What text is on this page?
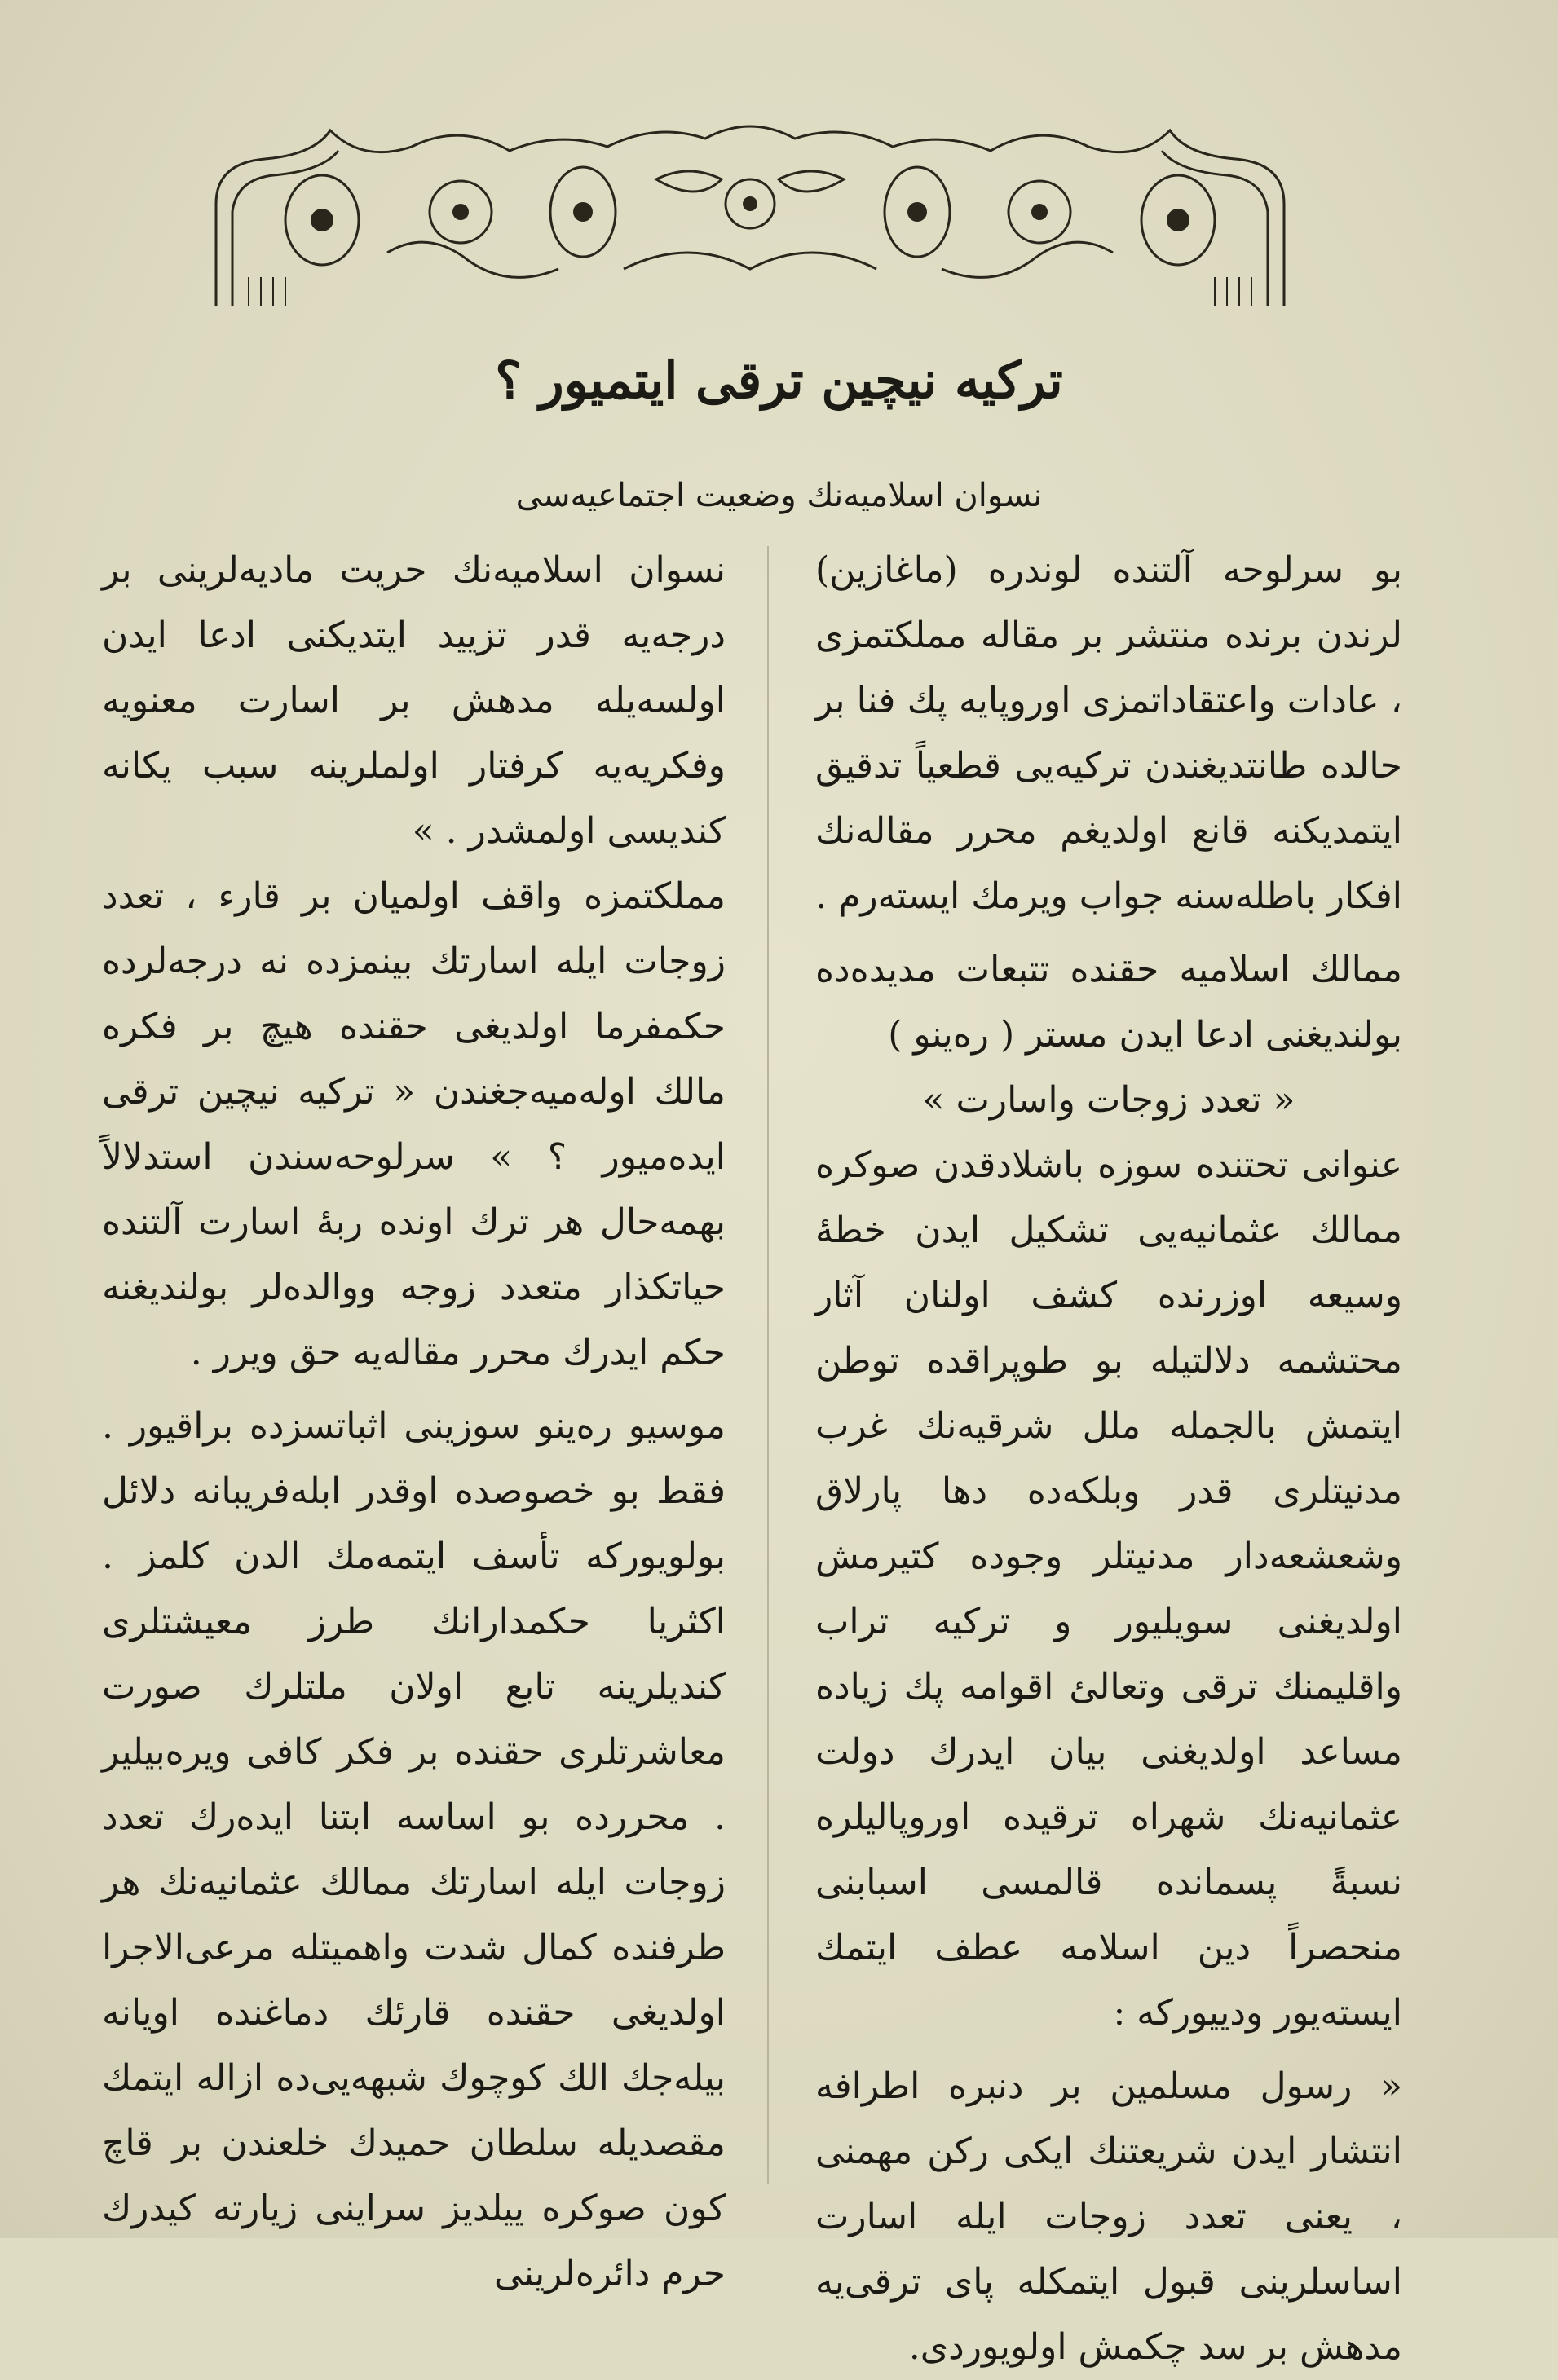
ترکیه نیچین ترقی ایتمیور ؟
نسوان اسلامیه‌نك وضعیت اجتماعیه‌سی

بو سرلوحه آلتنده لوندره (ماغازین) لرندن برنده منتشر بر مقاله مملکتمزی ، عادات واعتقاداتمزی اوروپایه پك فنا بر حالده طانتدیغندن ترکیه‌یی قطعیاً تدقیق ایتمدیکنه قانع اولدیغم محرر مقاله‌نك افکار باطله‌سنه جواب ویرمك ایسته‌رم .

ممالك اسلامیه حقنده تتبعات مدیده‌ده بولندیغنی ادعا ایدن مستر ( ره‌ینو )

« تعدد زوجات واسارت »

عنوانی تحتنده سوزه باشلادقدن صوکره ممالك عثمانیه‌یی تشکیل ایدن خطهٔ وسیعه اوزرنده کشف اولنان آثار محتشمه دلالتیله بو طوپراقده توطن ایتمش بالجمله ملل شرقیه‌نك غرب مدنیتلری قدر وبلکه‌ده دها پارلاق وشعشعه‌دار مدنیتلر وجوده کتیرمش اولدیغنی سویلیور و ترکیه تراب واقلیمنك ترقی وتعالئ اقوامه پك زیاده مساعد اولدیغنی بیان ایدرك دولت عثمانیه‌نك شهراه ترقیده اوروپالیلره نسبةً پسمانده قالمسی اسبابنی منحصراً دین اسلامه عطف ایتمك ایسته‌یور ودییورکه :

« رسول مسلمین بر دنبره اطرافه انتشار ایدن شریعتنك ایکی رکن مهمنی ، یعنی تعدد زوجات ایله اسارت اساسلرینی قبول ایتمکله پای ترقی‌یه مدهش بر سد چکمش اولویوردی.

نسوان اسلامیه‌نك حریت مادیه‌لرینی بر درجه‌یه قدر تزیید ایتدیکنی ادعا ایدن اولسه‌یله مدهش بر اسارت معنویه وفکریه‌یه کرفتار اولملرینه سبب یکانه کندیسی اولمشدر . »

مملکتمزه واقف اولمیان بر قارء ، تعدد زوجات ایله اسارتك بینمزده نه درجه‌لرده حکمفرما اولدیغی حقنده هیچ بر فکره مالك اوله‌میه‌جغندن « ترکیه نیچین ترقی ایده‌میور ؟ » سرلوحه‌سندن استدلالاً بهمه‌حال هر ترك اونده ربهٔ اسارت آلتنده حیاتکذار متعدد زوجه ووالده‌لر بولندیغنه حکم ایدرك محرر مقاله‌یه حق ویرر .

موسیو ره‌ینو سوزینی اثباتسزده براقیور . فقط بو خصوصده اوقدر ابله‌فریبانه دلائل بولویورکه تأسف ایتمه‌مك الدن کلمز . اکثریا حکمدارانك طرز معیشتلری کندیلرینه تابع اولان ملتلرك صورت معاشرتلری حقنده بر فکر کافی ویره‌بیلیر . محررده بو اساسه ابتنا ایده‌رك تعدد زوجات ایله اسارتك ممالك عثمانیه‌نك هر طرفنده کمال شدت واهمیتله مرعی‌الاجرا اولدیغی حقنده قارئك دماغنده اویانه بیله‌جك الك کوچوك شبهه‌یی‌ده ازاله ایتمك مقصدیله سلطان حمیدك خلعندن بر قاچ کون صوکره ییلدیز سراینی زیارته کیدرك حرم دائره‌لرینی
